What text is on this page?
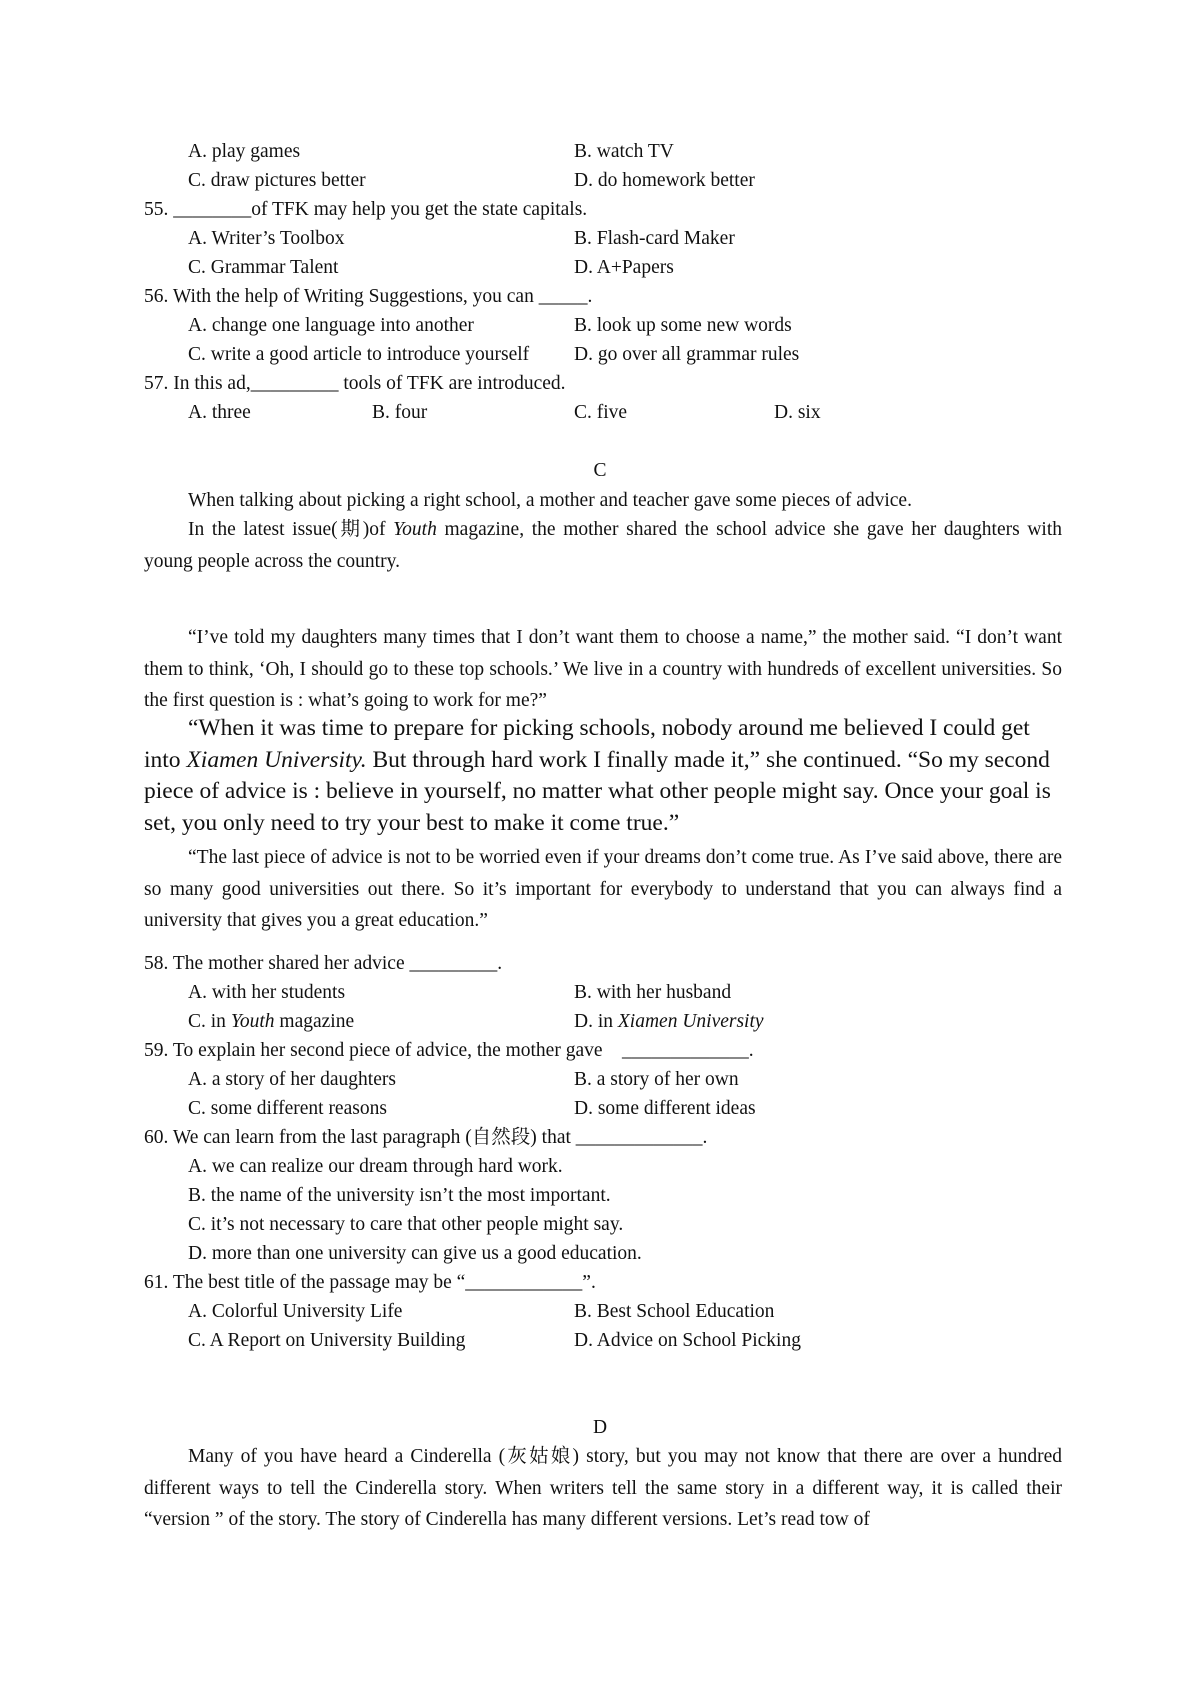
A. play games	B. watch TV
C. draw pictures better	D. do homework better
55. ________of TFK may help you get the state capitals.
A. Writer’s Toolbox	B. Flash-card Maker
C. Grammar Talent	D. A+Papers
56. With the help of Writing Suggestions, you can _____.
A. change one language into another	B. look up some new words
C. write a good article to introduce yourself D. go over all grammar rules
57. In this ad,_________ tools of TFK are introduced.
A. three	B. four	C. five	D. six
C

When talking about picking a right school, a mother and teacher gave some pieces of advice.

In the latest issue(期)of Youth magazine, the mother shared the school advice she gave her daughters with young people across the country.

“I’ve told my daughters many times that I don’t want them to choose a name,” the mother said. “I don’t want them to think, ‘Oh, I should go to these top schools.’ We live in a country with hundreds of excellent universities. So the first question is : what’s going to work for me?”

“When it was time to prepare for picking schools, nobody around me believed I could get into Xiamen University. But through hard work I finally made it,” she continued. “So my second piece of advice is : believe in yourself, no matter what other people might say. Once your goal is set, you only need to try your best to make it come true.”

“The last piece of advice is not to be worried even if your dreams don’t come true. As I’ve said above, there are so many good universities out there. So it’s important for everybody to understand that you can always find a university that gives you a great education.”

58. The mother shared her advice _________.
A. with her students	B. with her husband
C. in Youth magazine	D. in Xiamen University
59. To explain her second piece of advice, the mother gave    _____________.
A. a story of her daughters	B. a story of her own
C. some different reasons	D. some different ideas
60. We can learn from the last paragraph (自然段) that _____________.
A. we can realize our dream through hard work.
B. the name of the university isn’t the most important.
C. it’s not necessary to care that other people might say.
D. more than one university can give us a good education.
61. The best title of the passage may be “____________”.
A. Colorful University Life	B. Best School Education
C. A Report on University Building	D. Advice on School Picking
D

Many of you have heard a Cinderella (灰姑娘) story, but you may not know that there are over a hundred different ways to tell the Cinderella story. When writers tell the same story in a different way, it is called their “version ” of the story. The story of Cinderella has many different versions. Let’s read tow of
